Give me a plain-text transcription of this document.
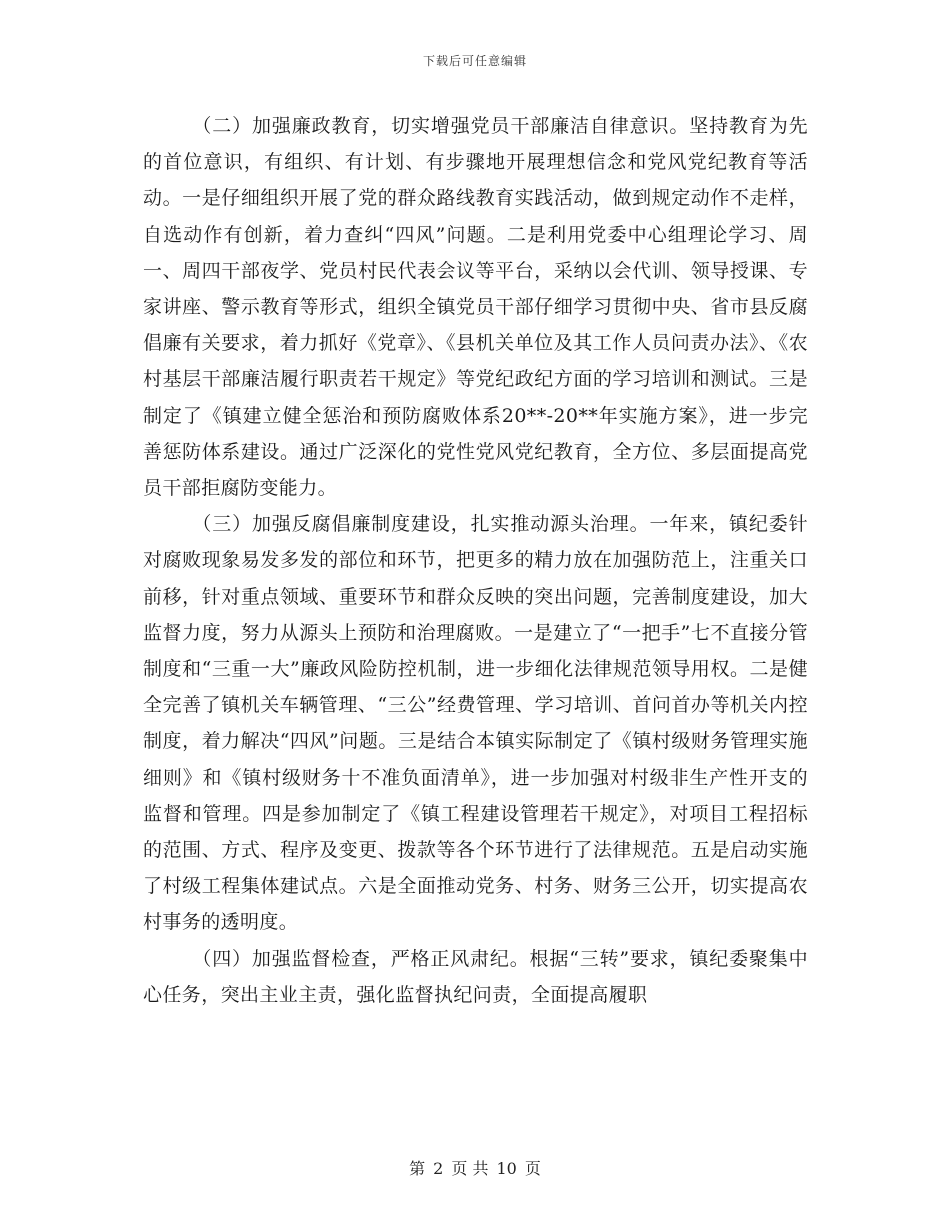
下载后可任意编辑

（二）加强廉政教育，切实增强党员干部廉洁自律意识。坚持教育为先的首位意识，有组织、有计划、有步骤地开展理想信念和党风党纪教育等活动。一是仔细组织开展了党的群众路线教育实践活动，做到规定动作不走样，自选动作有创新，着力查纠“四风”问题。二是利用党委中心组理论学习、周一、周四干部夜学、党员村民代表会议等平台，采纳以会代训、领导授课、专家讲座、警示教育等形式，组织全镇党员干部仔细学习贯彻中央、省市县反腐倡廉有关要求，着力抓好《党章》、《县机关单位及其工作人员问责办法》、《农村基层干部廉洁履行职责若干规定》等党纪政纪方面的学习培训和测试。三是制定了《镇建立健全惩治和预防腐败体系20**-20**年实施方案》，进一步完善惩防体系建设。通过广泛深化的党性党风党纪教育，全方位、多层面提高党员干部拒腐防变能力。

（三）加强反腐倡廉制度建设，扎实推动源头治理。一年来，镇纪委针对腐败现象易发多发的部位和环节，把更多的精力放在加强防范上，注重关口前移，针对重点领域、重要环节和群众反映的突出问题，完善制度建设，加大监督力度，努力从源头上预防和治理腐败。一是建立了“一把手”七不直接分管制度和“三重一大”廉政风险防控机制，进一步细化法律规范领导用权。二是健全完善了镇机关车辆管理、“三公”经费管理、学习培训、首问首办等机关内控制度，着力解决“四风”问题。三是结合本镇实际制定了《镇村级财务管理实施细则》和《镇村级财务十不准负面清单》，进一步加强对村级非生产性开支的监督和管理。四是参加制定了《镇工程建设管理若干规定》，对项目工程招标的范围、方式、程序及变更、拨款等各个环节进行了法律规范。五是启动实施了村级工程集体建试点。六是全面推动党务、村务、财务三公开，切实提高农村事务的透明度。

（四）加强监督检查，严格正风肃纪。根据“三转”要求，镇纪委聚集中心任务，突出主业主责，强化监督执纪问责，全面提高履职

第 2 页 共 10 页
